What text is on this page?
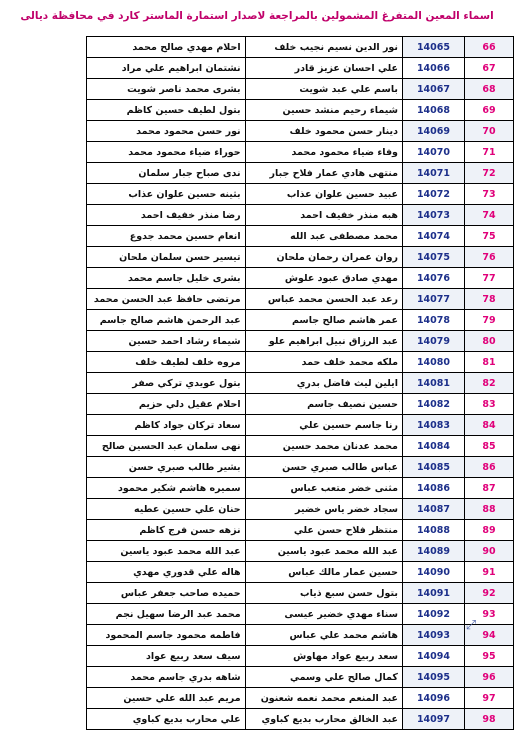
اسماء المعين المتفرغ المشمولين بالمراجعة لاصدار استمارة الماستر كارد في محافظة ديالى
66	14065	نور الدين نسيم نجيب خلف	احلام مهدي صالح محمد
67	14066	علي احسان عزيز قادر	نشتمان ابراهيم علي مراد
68	14067	باسم علي عبد شويت	بشرى محمد ناصر شويت
69	14068	شيماء رحيم منشد حسين	بتول لطيف حسين كاظم
70	14069	دينار حسن محمود خلف	نور حسن محمود محمد
71	14070	وفاء ضياء محمود محمد	حوراء ضياء محمود محمد
72	14071	منتهى هادي عمار فلاح جبار	ندى صباح جبار سلمان
73	14072	عبيد حسين علوان عذاب	بثينه حسين علوان عذاب
74	14073	هبه منذر خفيف احمد	رضا منذر خفيف احمد
75	14074	محمد مصطفى عبد الله	انعام حسين محمد جدوع
76	14075	روان عمران رحمان ملحان	تيسير حسن سلمان ملحان
77	14076	مهدي صادق عبود علوش	بشرى خليل جاسم محمد
78	14077	رعد عبد الحسن محمد عباس	مرتضى حافظ عبد الحسن محمد
79	14078	عمر هاشم صالح جاسم	عبد الرحمن هاشم صالح جاسم
80	14079	عبد الرزاق نبيل ابراهيم علو	شيماء رشاد احمد حسين
81	14080	ملكه محمد خلف حمد	مروه خلف لطيف خلف
82	14081	ايلين ليث فاضل بدري	بتول عويدي تركي صفر
83	14082	حسين نصيف جاسم	احلام عقيل دلي حزيم
84	14083	رنا جاسم حسين علي	سعاد تركان جواد كاظم
85	14084	محمد عدنان محمد حسين	نهى سلمان عبد الحسين صالح
86	14085	عباس طالب صبري حسن	بشير طالب صبري حسن
87	14086	مثنى خضر متعب عباس	سميره هاشم شكير محمود
88	14087	سجاد خضر ياس خضير	حنان علي حسين عطيه
89	14088	منتظر فلاح حسن علي	نزهه حسن فرج كاظم
90	14089	عبد الله محمد عبود ياسين	عبد الله محمد عبود ياسين
91	14090	حسين عمار مالك عباس	هاله علي قدوري مهدي
92	14091	بتول حسن سبع ذياب	حميده صاحب جعفر عباس
93	14092	سناء مهدي خضير عيسى	محمد عبد الرضا سهيل نجم
94	14093	هاشم محمد علي عباس	فاطمه محمود جاسم المحمود
95	14094	سعد ربيع عواد مهاوش	سيف سعد ربيع عواد
96	14095	كمال صالح علي وسمي	شاهه بدري جاسم محمد
97	14096	عبد المنعم محمد نعمه شعنون	مريم عبد الله علي حسين
98	14097	عبد الخالق محارب بديع كباوي	علي محارب بديع كباوي
⤢
